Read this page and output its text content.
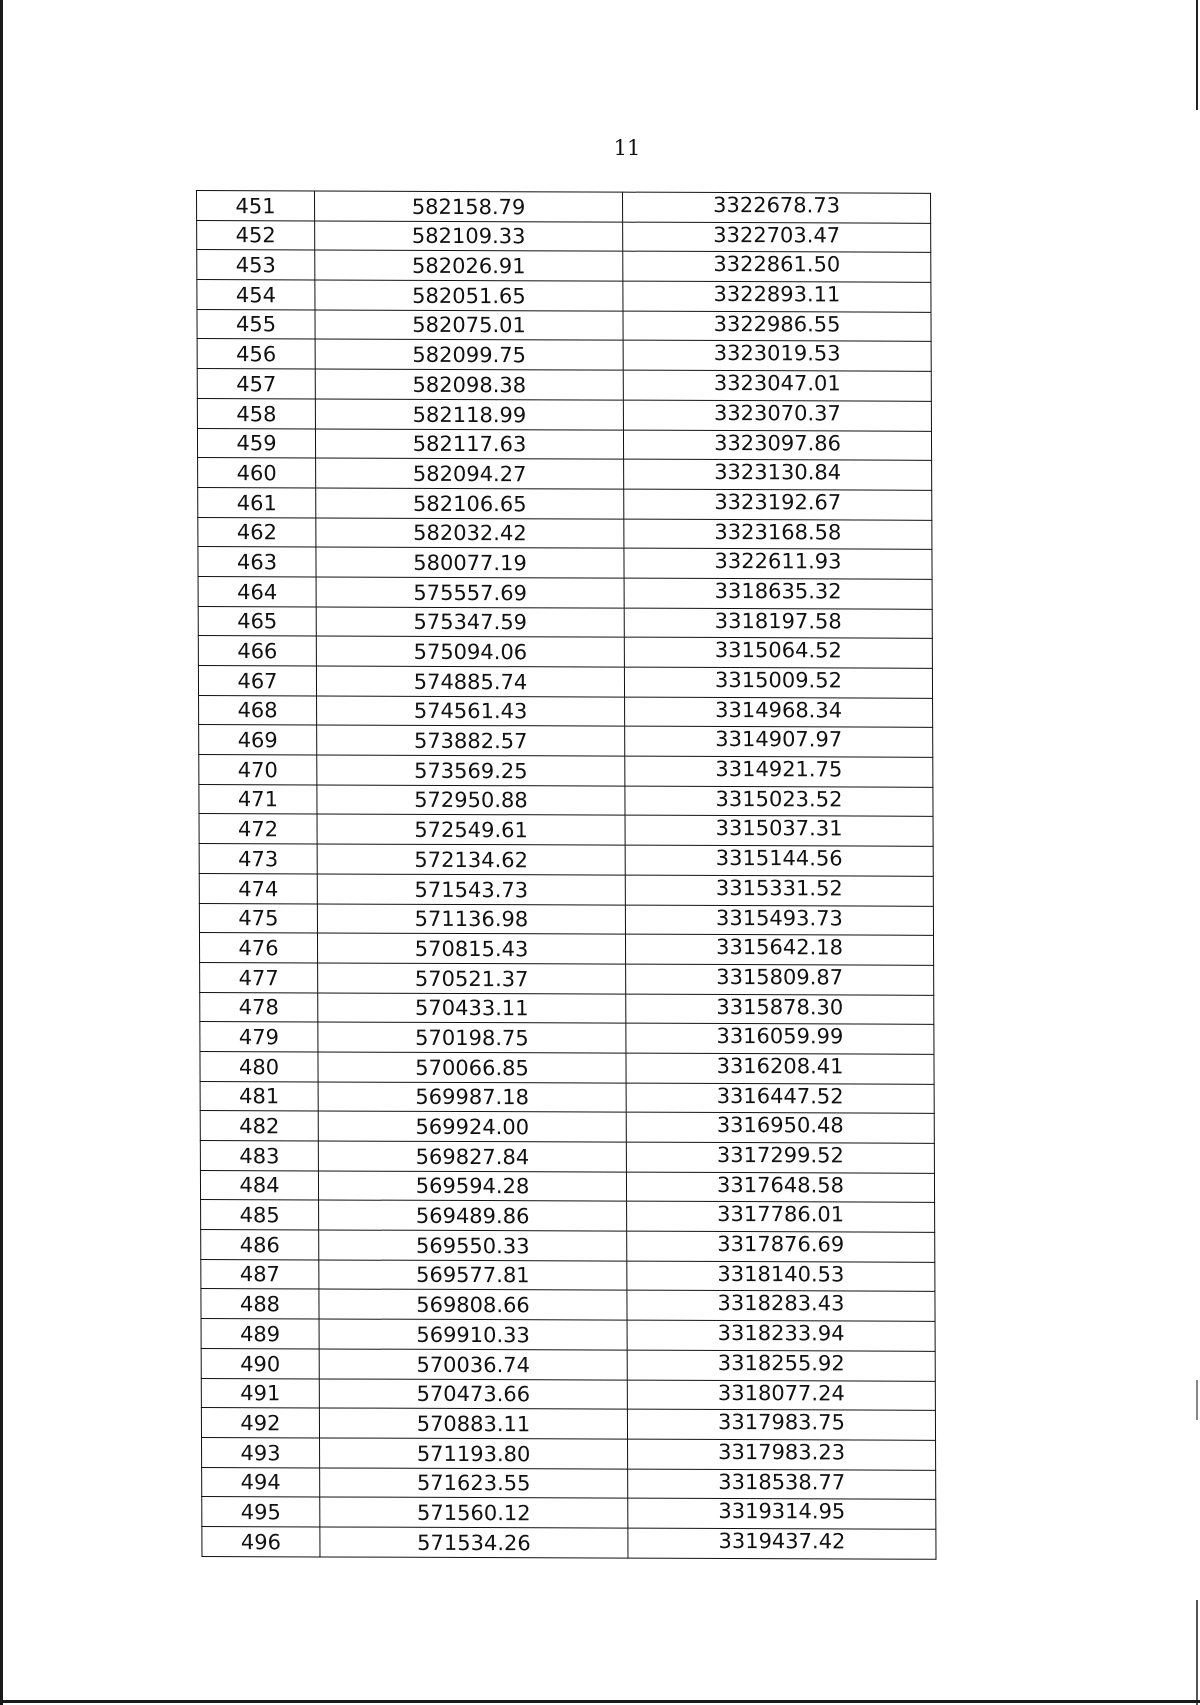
11
451	582158.79	3322678.73
452	582109.33	3322703.47
453	582026.91	3322861.50
454	582051.65	3322893.11
455	582075.01	3322986.55
456	582099.75	3323019.53
457	582098.38	3323047.01
458	582118.99	3323070.37
459	582117.63	3323097.86
460	582094.27	3323130.84
461	582106.65	3323192.67
462	582032.42	3323168.58
463	580077.19	3322611.93
464	575557.69	3318635.32
465	575347.59	3318197.58
466	575094.06	3315064.52
467	574885.74	3315009.52
468	574561.43	3314968.34
469	573882.57	3314907.97
470	573569.25	3314921.75
471	572950.88	3315023.52
472	572549.61	3315037.31
473	572134.62	3315144.56
474	571543.73	3315331.52
475	571136.98	3315493.73
476	570815.43	3315642.18
477	570521.37	3315809.87
478	570433.11	3315878.30
479	570198.75	3316059.99
480	570066.85	3316208.41
481	569987.18	3316447.52
482	569924.00	3316950.48
483	569827.84	3317299.52
484	569594.28	3317648.58
485	569489.86	3317786.01
486	569550.33	3317876.69
487	569577.81	3318140.53
488	569808.66	3318283.43
489	569910.33	3318233.94
490	570036.74	3318255.92
491	570473.66	3318077.24
492	570883.11	3317983.75
493	571193.80	3317983.23
494	571623.55	3318538.77
495	571560.12	3319314.95
496	571534.26	3319437.42
